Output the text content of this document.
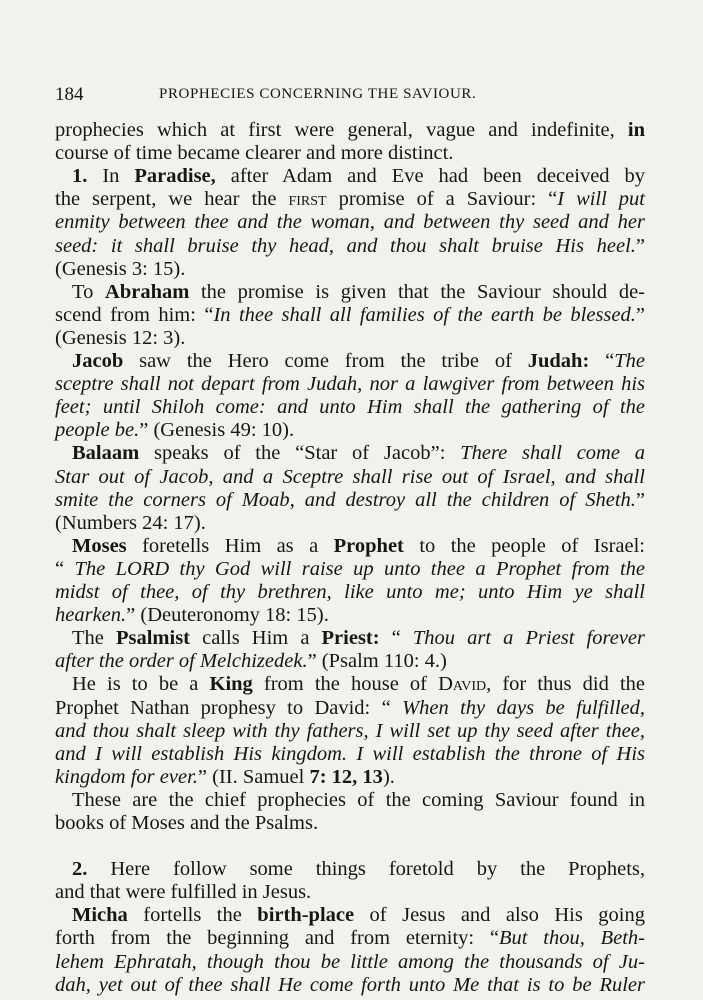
184	PROPHECIES CONCERNING THE SAVIOUR.
prophecies which at first were general, vague and indefinite, in
course of time became clearer and more distinct.
1. In Paradise, after Adam and Eve had been deceived by
the serpent, we hear the first promise of a Saviour: “I will put
enmity between thee and the woman, and between thy seed and her
seed: it shall bruise thy head, and thou shalt bruise His heel.”
(Genesis 3: 15).
To Abraham the promise is given that the Saviour should de-
scend from him: “In thee shall all families of the earth be blessed.”
(Genesis 12: 3).
Jacob saw the Hero come from the tribe of Judah: “The
sceptre shall not depart from Judah, nor a lawgiver from between his
feet; until Shiloh come: and unto Him shall the gathering of the
people be.” (Genesis 49: 10).
Balaam speaks of the “Star of Jacob”: There shall come a
Star out of Jacob, and a Sceptre shall rise out of Israel, and shall
smite the corners of Moab, and destroy all the children of Sheth.”
(Numbers 24: 17).
Moses foretells Him as a Prophet to the people of Israel:
“ The LORD thy God will raise up unto thee a Prophet from the
midst of thee, of thy brethren, like unto me; unto Him ye shall
hearken.” (Deuteronomy 18: 15).
The Psalmist calls Him a Priest: “ Thou art a Priest forever
after the order of Melchizedek.” (Psalm 110: 4.)
He is to be a King from the house of David, for thus did the
Prophet Nathan prophesy to David: “ When thy days be fulfilled,
and thou shalt sleep with thy fathers, I will set up thy seed after thee,
and I will establish His kingdom. I will establish the throne of His
kingdom for ever.” (II. Samuel 7: 12, 13).
These are the chief prophecies of the coming Saviour found in
books of Moses and the Psalms.
2. Here follow some things foretold by the Prophets,
and that were fulfilled in Jesus.
Micha fortells the birth-place of Jesus and also His going
forth from the beginning and from eternity: “But thou, Beth-
lehem Ephratah, though thou be little among the thousands of Ju-
dah, yet out of thee shall He come forth unto Me that is to be Ruler
